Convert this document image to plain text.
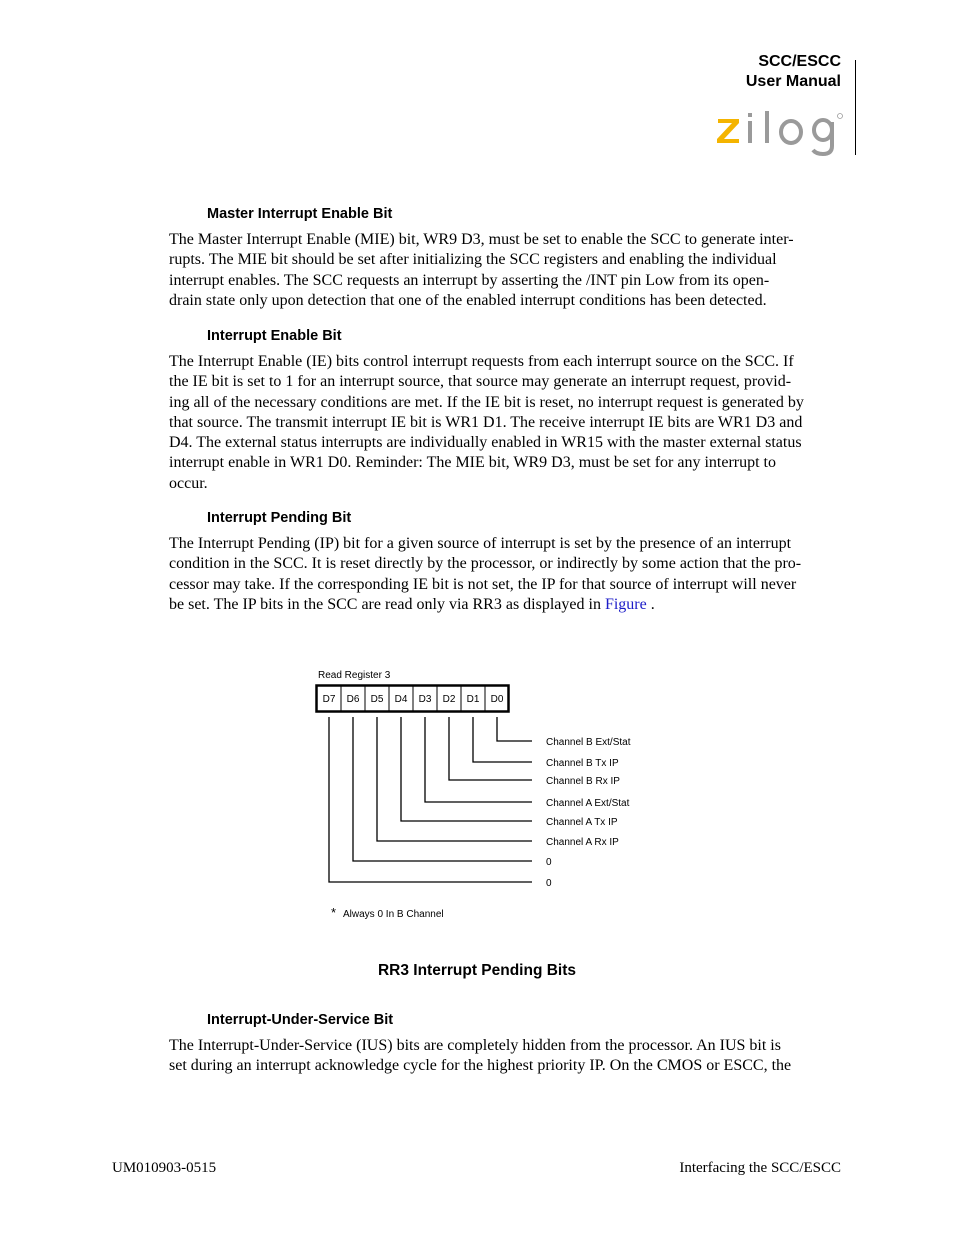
SCC/ESCC
User Manual
Master Interrupt Enable Bit
The Master Interrupt Enable (MIE) bit, WR9 D3, must be set to enable the SCC to generate inter-
rupts. The MIE bit should be set after initializing the SCC registers and enabling the individual
interrupt enables. The SCC requests an interrupt by asserting the /INT pin Low from its open-
drain state only upon detection that one of the enabled interrupt conditions has been detected.
Interrupt Enable Bit
The Interrupt Enable (IE) bits control interrupt requests from each interrupt source on the SCC. If
the IE bit is set to 1 for an interrupt source, that source may generate an interrupt request, provid-
ing all of the necessary conditions are met. If the IE bit is reset, no interrupt request is generated by
that source. The transmit interrupt IE bit is WR1 D1. The receive interrupt IE bits are WR1 D3 and
D4. The external status interrupts are individually enabled in WR15 with the master external status
interrupt enable in WR1 D0. Reminder: The MIE bit, WR9 D3, must be set for any interrupt to
occur.
Interrupt Pending Bit
The Interrupt Pending (IP) bit for a given source of interrupt is set by the presence of an interrupt
condition in the SCC. It is reset directly by the processor, or indirectly by some action that the pro-
cessor may take. If the corresponding IE bit is not set, the IP for that source of interrupt will never
be set. The IP bits in the SCC are read only via RR3 as displayed in Figure .
Read Register 3
D7 D6 D5 D4 D3 D2 D1 D0
Channel B Ext/Stat
Channel B Tx IP
Channel B Rx IP
Channel A Ext/Stat
Channel A Tx IP
Channel A Rx IP
0
0
* Always 0 In B Channel
RR3 Interrupt Pending Bits
Interrupt-Under-Service Bit
The Interrupt-Under-Service (IUS) bits are completely hidden from the processor. An IUS bit is
set during an interrupt acknowledge cycle for the highest priority IP. On the CMOS or ESCC, the
UM010903-0515	Interfacing the SCC/ESCC
